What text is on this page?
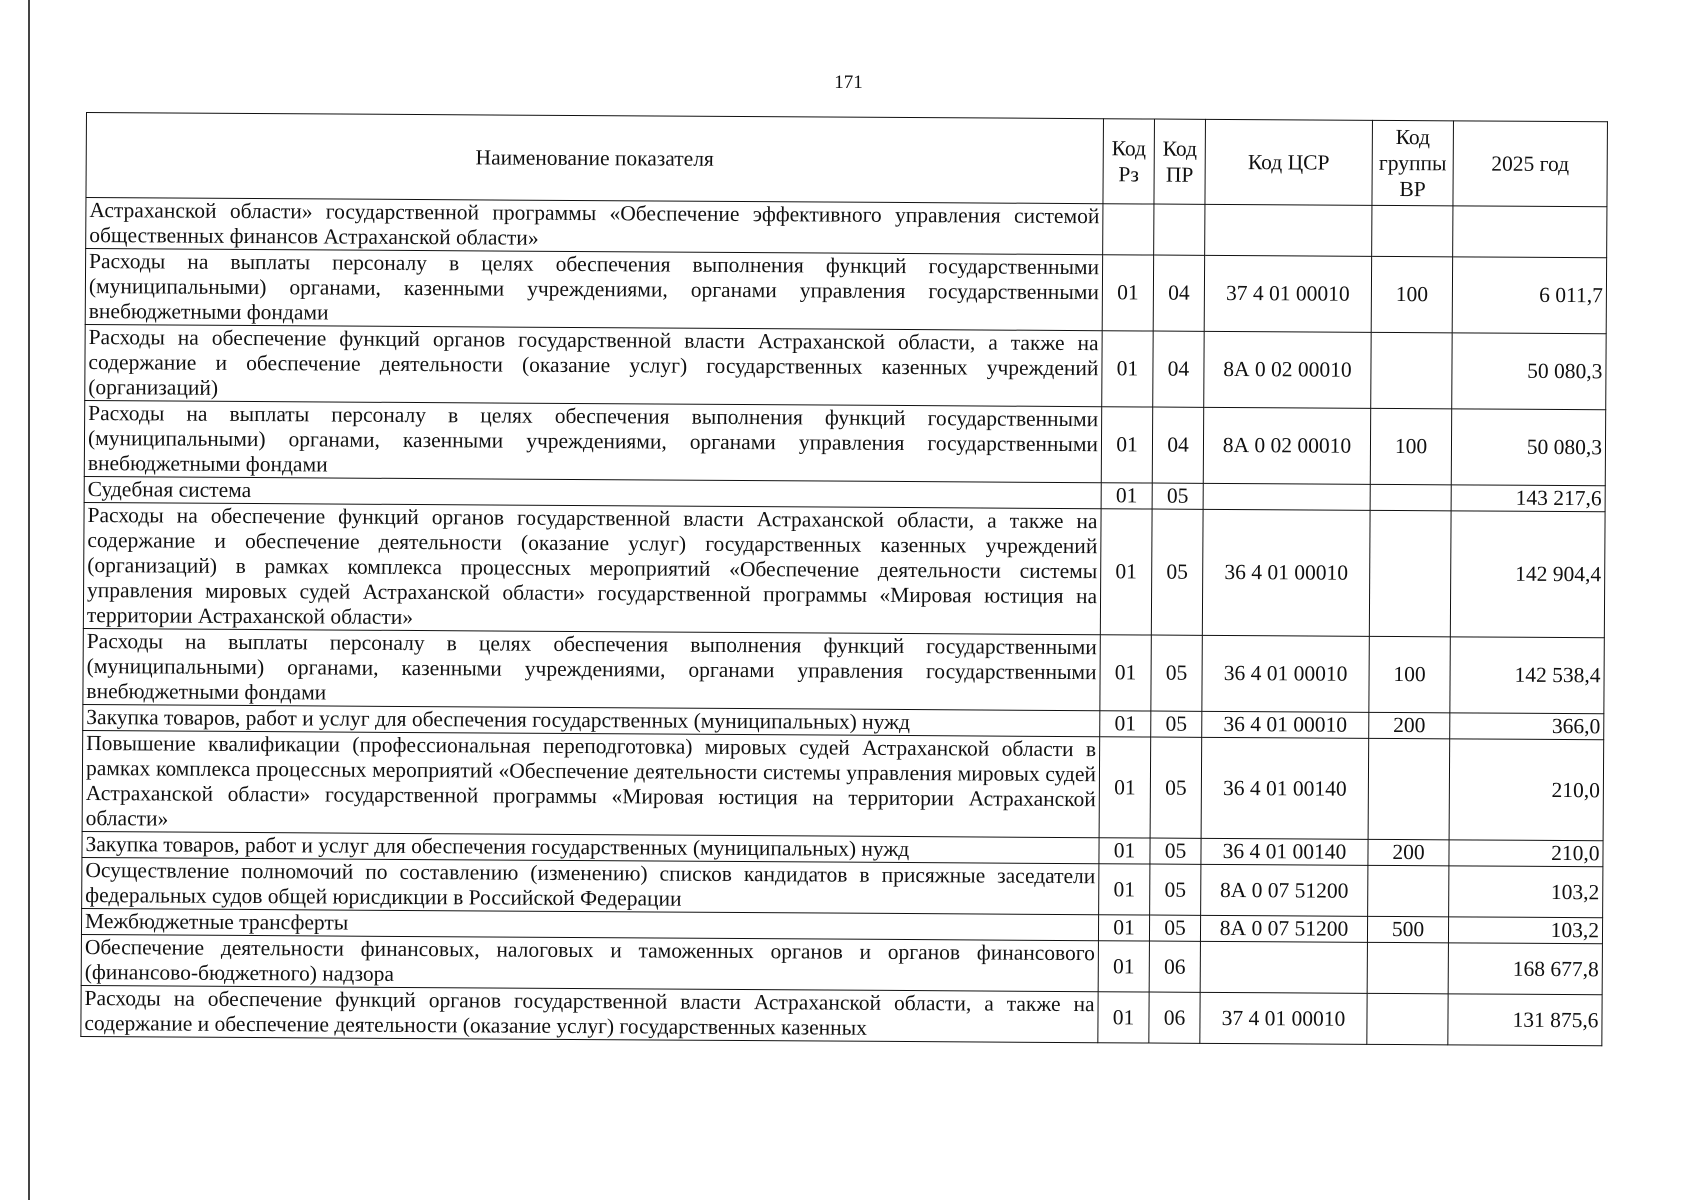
171
Наименование показателя	Код Рз	Код ПР	Код ЦСР	Код группы ВР	2025 год
Астраханской области» государственной программы «Обеспечение эффективного управления системой общественных финансов Астраханской области»					
Расходы на выплаты персоналу в целях обеспечения выполнения функций государственными (муниципальными) органами, казенными учреждениями, органами управления государственными внебюджетными фондами	01	04	37 4 01 00010	100	6 011,7
Расходы на обеспечение функций органов государственной власти Астраханской области, а также на содержание и обеспечение деятельности (оказание услуг) государственных казенных учреждений (организаций)	01	04	8А 0 02 00010		50 080,3
Расходы на выплаты персоналу в целях обеспечения выполнения функций государственными (муниципальными) органами, казенными учреждениями, органами управления государственными внебюджетными фондами	01	04	8А 0 02 00010	100	50 080,3
Судебная система	01	05			143 217,6
Расходы на обеспечение функций органов государственной власти Астраханской области, а также на содержание и обеспечение деятельности (оказание услуг) государственных казенных учреждений (организаций) в рамках комплекса процессных мероприятий «Обеспечение деятельности системы управления мировых судей Астраханской области» государственной программы «Мировая юстиция на территории Астраханской области»	01	05	36 4 01 00010		142 904,4
Расходы на выплаты персоналу в целях обеспечения выполнения функций государственными (муниципальными) органами, казенными учреждениями, органами управления государственными внебюджетными фондами	01	05	36 4 01 00010	100	142 538,4
Закупка товаров, работ и услуг для обеспечения государственных (муниципальных) нужд	01	05	36 4 01 00010	200	366,0
Повышение квалификации (профессиональная переподготовка) мировых судей Астраханской области в рамках комплекса процессных мероприятий «Обеспечение деятельности системы управления мировых судей Астраханской области» государственной программы «Мировая юстиция на территории Астраханской области»	01	05	36 4 01 00140		210,0
Закупка товаров, работ и услуг для обеспечения государственных (муниципальных) нужд	01	05	36 4 01 00140	200	210,0
Осуществление полномочий по составлению (изменению) списков кандидатов в присяжные заседатели федеральных судов общей юрисдикции в Российской Федерации	01	05	8А 0 07 51200		103,2
Межбюджетные трансферты	01	05	8А 0 07 51200	500	103,2
Обеспечение деятельности финансовых, налоговых и таможенных органов и органов финансового (финансово-бюджетного) надзора	01	06			168 677,8
Расходы на обеспечение функций органов государственной власти Астраханской области, а также на содержание и обеспечение деятельности (оказание услуг) государственных казенных	01	06	37 4 01 00010		131 875,6
